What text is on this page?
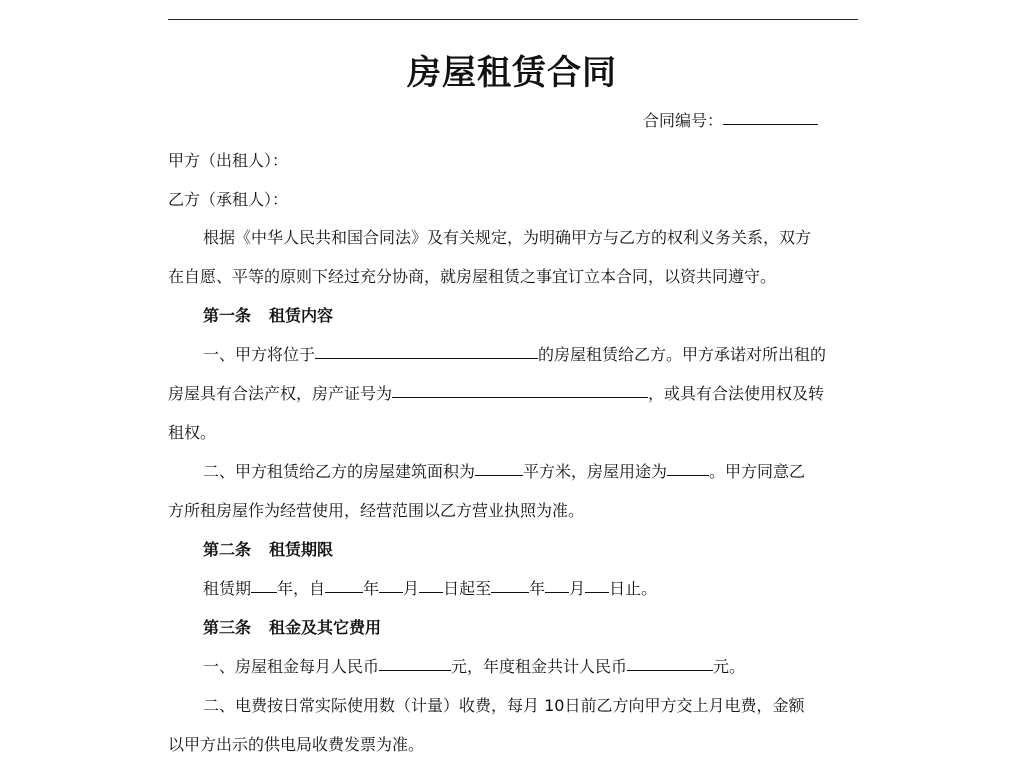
房屋租赁合同
合同编号：
甲方（出租人）：
乙方（承租人）：
根据《中华人民共和国合同法》及有关规定，为明确甲方与乙方的权利义务关系，双方
在自愿、平等的原则下经过充分协商，就房屋租赁之事宜订立本合同，以资共同遵守。
第一条 租赁内容
一、甲方将位于	的房屋租赁给乙方。甲方承诺对所出租的
房屋具有合法产权，房产证号为	，或具有合法使用权及转
租权。
二、甲方租赁给乙方的房屋建筑面积为	平方米，房屋用途为	。甲方同意乙
方所租房屋作为经营使用，经营范围以乙方营业执照为准。
第二条 租赁期限
租赁期 年，自 年 月 日起至 年 月 日止。
第三条 租金及其它费用
一、房屋租金每月人民币	元，年度租金共计人民币	元。
二、电费按日常实际使用数（计量）收费，每月 10日前乙方向甲方交上月电费，金额
以甲方出示的供电局收费发票为准。
